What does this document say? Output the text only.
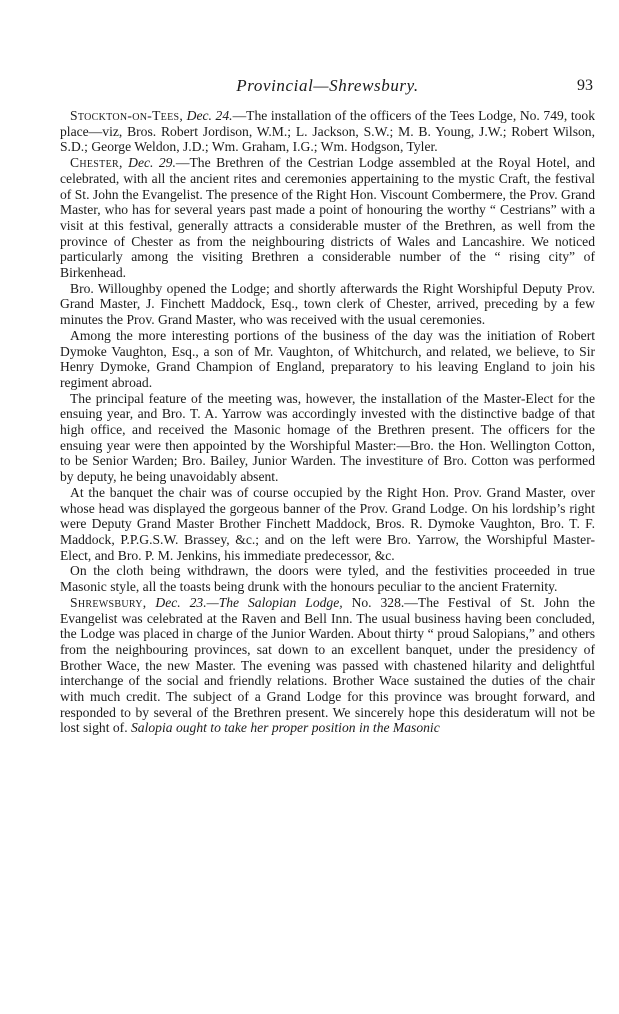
Provincial—Shrewsbury.	93

Stockton-on-Tees, Dec. 24.—The installation of the officers of the Tees Lodge, No. 749, took place—viz, Bros. Robert Jordison, W.M.; L. Jackson, S.W.; M. B. Young, J.W.; Robert Wilson, S.D.; George Weldon, J.D.; Wm. Graham, I.G.; Wm. Hodgson, Tyler.

Chester, Dec. 29.—The Brethren of the Cestrian Lodge assembled at the Royal Hotel, and celebrated, with all the ancient rites and ceremonies appertaining to the mystic Craft, the festival of St. John the Evangelist. The presence of the Right Hon. Viscount Combermere, the Prov. Grand Master, who has for several years past made a point of honouring the worthy “ Cestrians” with a visit at this festival, generally attracts a considerable muster of the Brethren, as well from the province of Chester as from the neighbouring districts of Wales and Lancashire. We noticed particularly among the visiting Brethren a considerable number of the “ rising city” of Birkenhead.

Bro. Willoughby opened the Lodge; and shortly afterwards the Right Worshipful Deputy Prov. Grand Master, J. Finchett Maddock, Esq., town clerk of Chester, arrived, preceding by a few minutes the Prov. Grand Master, who was received with the usual ceremonies.

Among the more interesting portions of the business of the day was the initiation of Robert Dymoke Vaughton, Esq., a son of Mr. Vaughton, of Whitchurch, and related, we believe, to Sir Henry Dymoke, Grand Champion of England, preparatory to his leaving England to join his regiment abroad.

The principal feature of the meeting was, however, the installation of the Master-Elect for the ensuing year, and Bro. T. A. Yarrow was accordingly invested with the distinctive badge of that high office, and received the Masonic homage of the Brethren present. The officers for the ensuing year were then appointed by the Worshipful Master:—Bro. the Hon. Wellington Cotton, to be Senior Warden; Bro. Bailey, Junior Warden. The investiture of Bro. Cotton was performed by deputy, he being unavoidably absent.

At the banquet the chair was of course occupied by the Right Hon. Prov. Grand Master, over whose head was displayed the gorgeous banner of the Prov. Grand Lodge. On his lordship’s right were Deputy Grand Master Brother Finchett Maddock, Bros. R. Dymoke Vaughton, Bro. T. F. Maddock, P.P.G.S.W. Brassey, &c.; and on the left were Bro. Yarrow, the Worshipful Master-Elect, and Bro. P. M. Jenkins, his immediate predecessor, &c.

On the cloth being withdrawn, the doors were tyled, and the festivities proceeded in true Masonic style, all the toasts being drunk with the honours peculiar to the ancient Fraternity.

Shrewsbury, Dec. 23.—The Salopian Lodge, No. 328.—The Festival of St. John the Evangelist was celebrated at the Raven and Bell Inn. The usual business having been concluded, the Lodge was placed in charge of the Junior Warden. About thirty “ proud Salopians,” and others from the neighbouring provinces, sat down to an excellent banquet, under the presidency of Brother Wace, the new Master. The evening was passed with chastened hilarity and delightful interchange of the social and friendly relations. Brother Wace sustained the duties of the chair with much credit. The subject of a Grand Lodge for this province was brought forward, and responded to by several of the Brethren present. We sincerely hope this desideratum will not be lost sight of. Salopia ought to take her proper position in the Masonic
